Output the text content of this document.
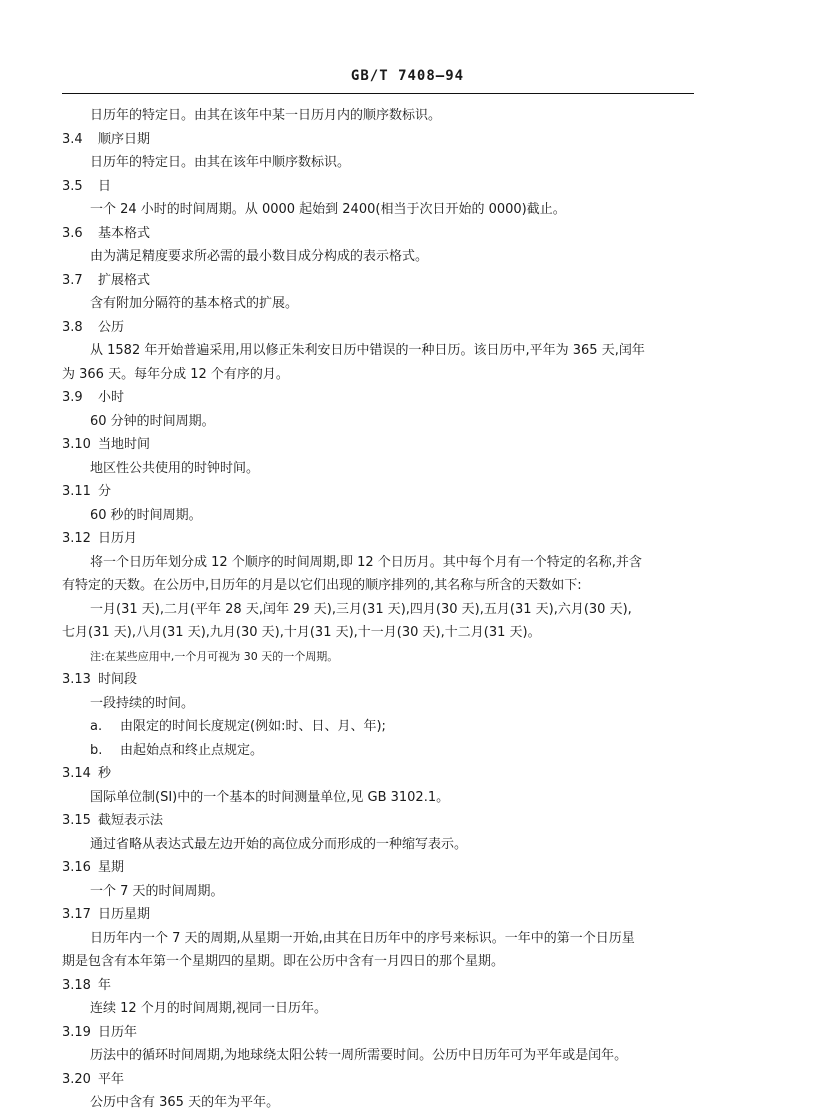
GB/T 7408—94
日历年的特定日。由其在该年中某一日历月内的顺序数标识。
3.4 顺序日期
日历年的特定日。由其在该年中顺序数标识。
3.5 日
一个 24 小时的时间周期。从 0000 起始到 2400(相当于次日开始的 0000)截止。
3.6 基本格式
由为满足精度要求所必需的最小数目成分构成的表示格式。
3.7 扩展格式
含有附加分隔符的基本格式的扩展。
3.8 公历
从 1582 年开始普遍采用,用以修正朱利安日历中错误的一种日历。该日历中,平年为 365 天,闰年
为 366 天。每年分成 12 个有序的月。
3.9 小时
60 分钟的时间周期。
3.10 当地时间
地区性公共使用的时钟时间。
3.11 分
60 秒的时间周期。
3.12 日历月
将一个日历年划分成 12 个顺序的时间周期,即 12 个日历月。其中每个月有一个特定的名称,并含
有特定的天数。在公历中,日历年的月是以它们出现的顺序排列的,其名称与所含的天数如下:
一月(31 天),二月(平年 28 天,闰年 29 天),三月(31 天),四月(30 天),五月(31 天),六月(30 天),
七月(31 天),八月(31 天),九月(30 天),十月(31 天),十一月(30 天),十二月(31 天)。
注:在某些应用中,一个月可视为 30 天的一个周期。
3.13 时间段
一段持续的时间。
a. 由限定的时间长度规定(例如:时、日、月、年);
b. 由起始点和终止点规定。
3.14 秒
国际单位制(SI)中的一个基本的时间测量单位,见 GB 3102.1。
3.15 截短表示法
通过省略从表达式最左边开始的高位成分而形成的一种缩写表示。
3.16 星期
一个 7 天的时间周期。
3.17 日历星期
日历年内一个 7 天的周期,从星期一开始,由其在日历年中的序号来标识。一年中的第一个日历星
期是包含有本年第一个星期四的星期。即在公历中含有一月四日的那个星期。
3.18 年
连续 12 个月的时间周期,视同一日历年。
3.19 日历年
历法中的循环时间周期,为地球绕太阳公转一周所需要时间。公历中日历年可为平年或是闰年。
3.20 平年
公历中含有 365 天的年为平年。
